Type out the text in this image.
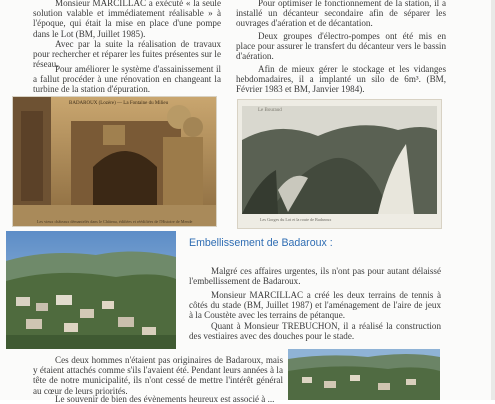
Monsieur MARCILLAC a exécuté « la seule solution valable et immédiatement réalisable » à l'époque, qui était la mise en place d'une pompe dans le Lot (BM, Juillet 1985).

Avec par la suite la réalisation de travaux pour rechercher et réparer les fuites présentes sur le réseau.

Pour améliorer le système d'assainissement il a fallut procéder à une rénovation en changeant la turbine de la station d'épuration.

Pour optimiser le fonctionnement de la station, il a installé un décanteur secondaire afin de séparer les ouvrages d'aération et de décantation.

Deux groupes d'électro-pompes ont été mis en place pour assurer le transfert du décanteur vers le bassin d'aération.

Afin de mieux gérer le stockage et les vidanges hebdomadaires, il a implanté un silo de 6m³. (BM, Février 1983 et BM, Janvier 1984).

BADAROUX (Lozère) — La Fontaine du Milieu
Les vieux châteaux démantelés dans le Château, édifiées et réédifiées de l'Histoire de Mende
Le Bouraud
Les Gorges du Lot et la route de Badaroux
Embellissement de Badaroux :

Malgré ces affaires urgentes, ils n'ont pas pour autant délaissé l'embellissement de Badaroux.

Monsieur MARCILLAC a créé les deux terrains de tennis à côtés du stade (BM, Juillet 1987) et l'aménagement de l'aire de jeux à la Coustète avec les terrains de pétanque.

Quant à Monsieur TREBUCHON, il a réalisé la construction des vestiaires avec des douches pour le stade.

Ces deux hommes n'étaient pas originaires de Badaroux, mais y étaient attachés comme s'ils l'avaient été. Pendant leurs années à la tête de notre municipalité, ils n'ont cessé de mettre l'intérêt général au cœur de leurs priorités.

Le souvenir de bien des évènements heureux est associé à ...
